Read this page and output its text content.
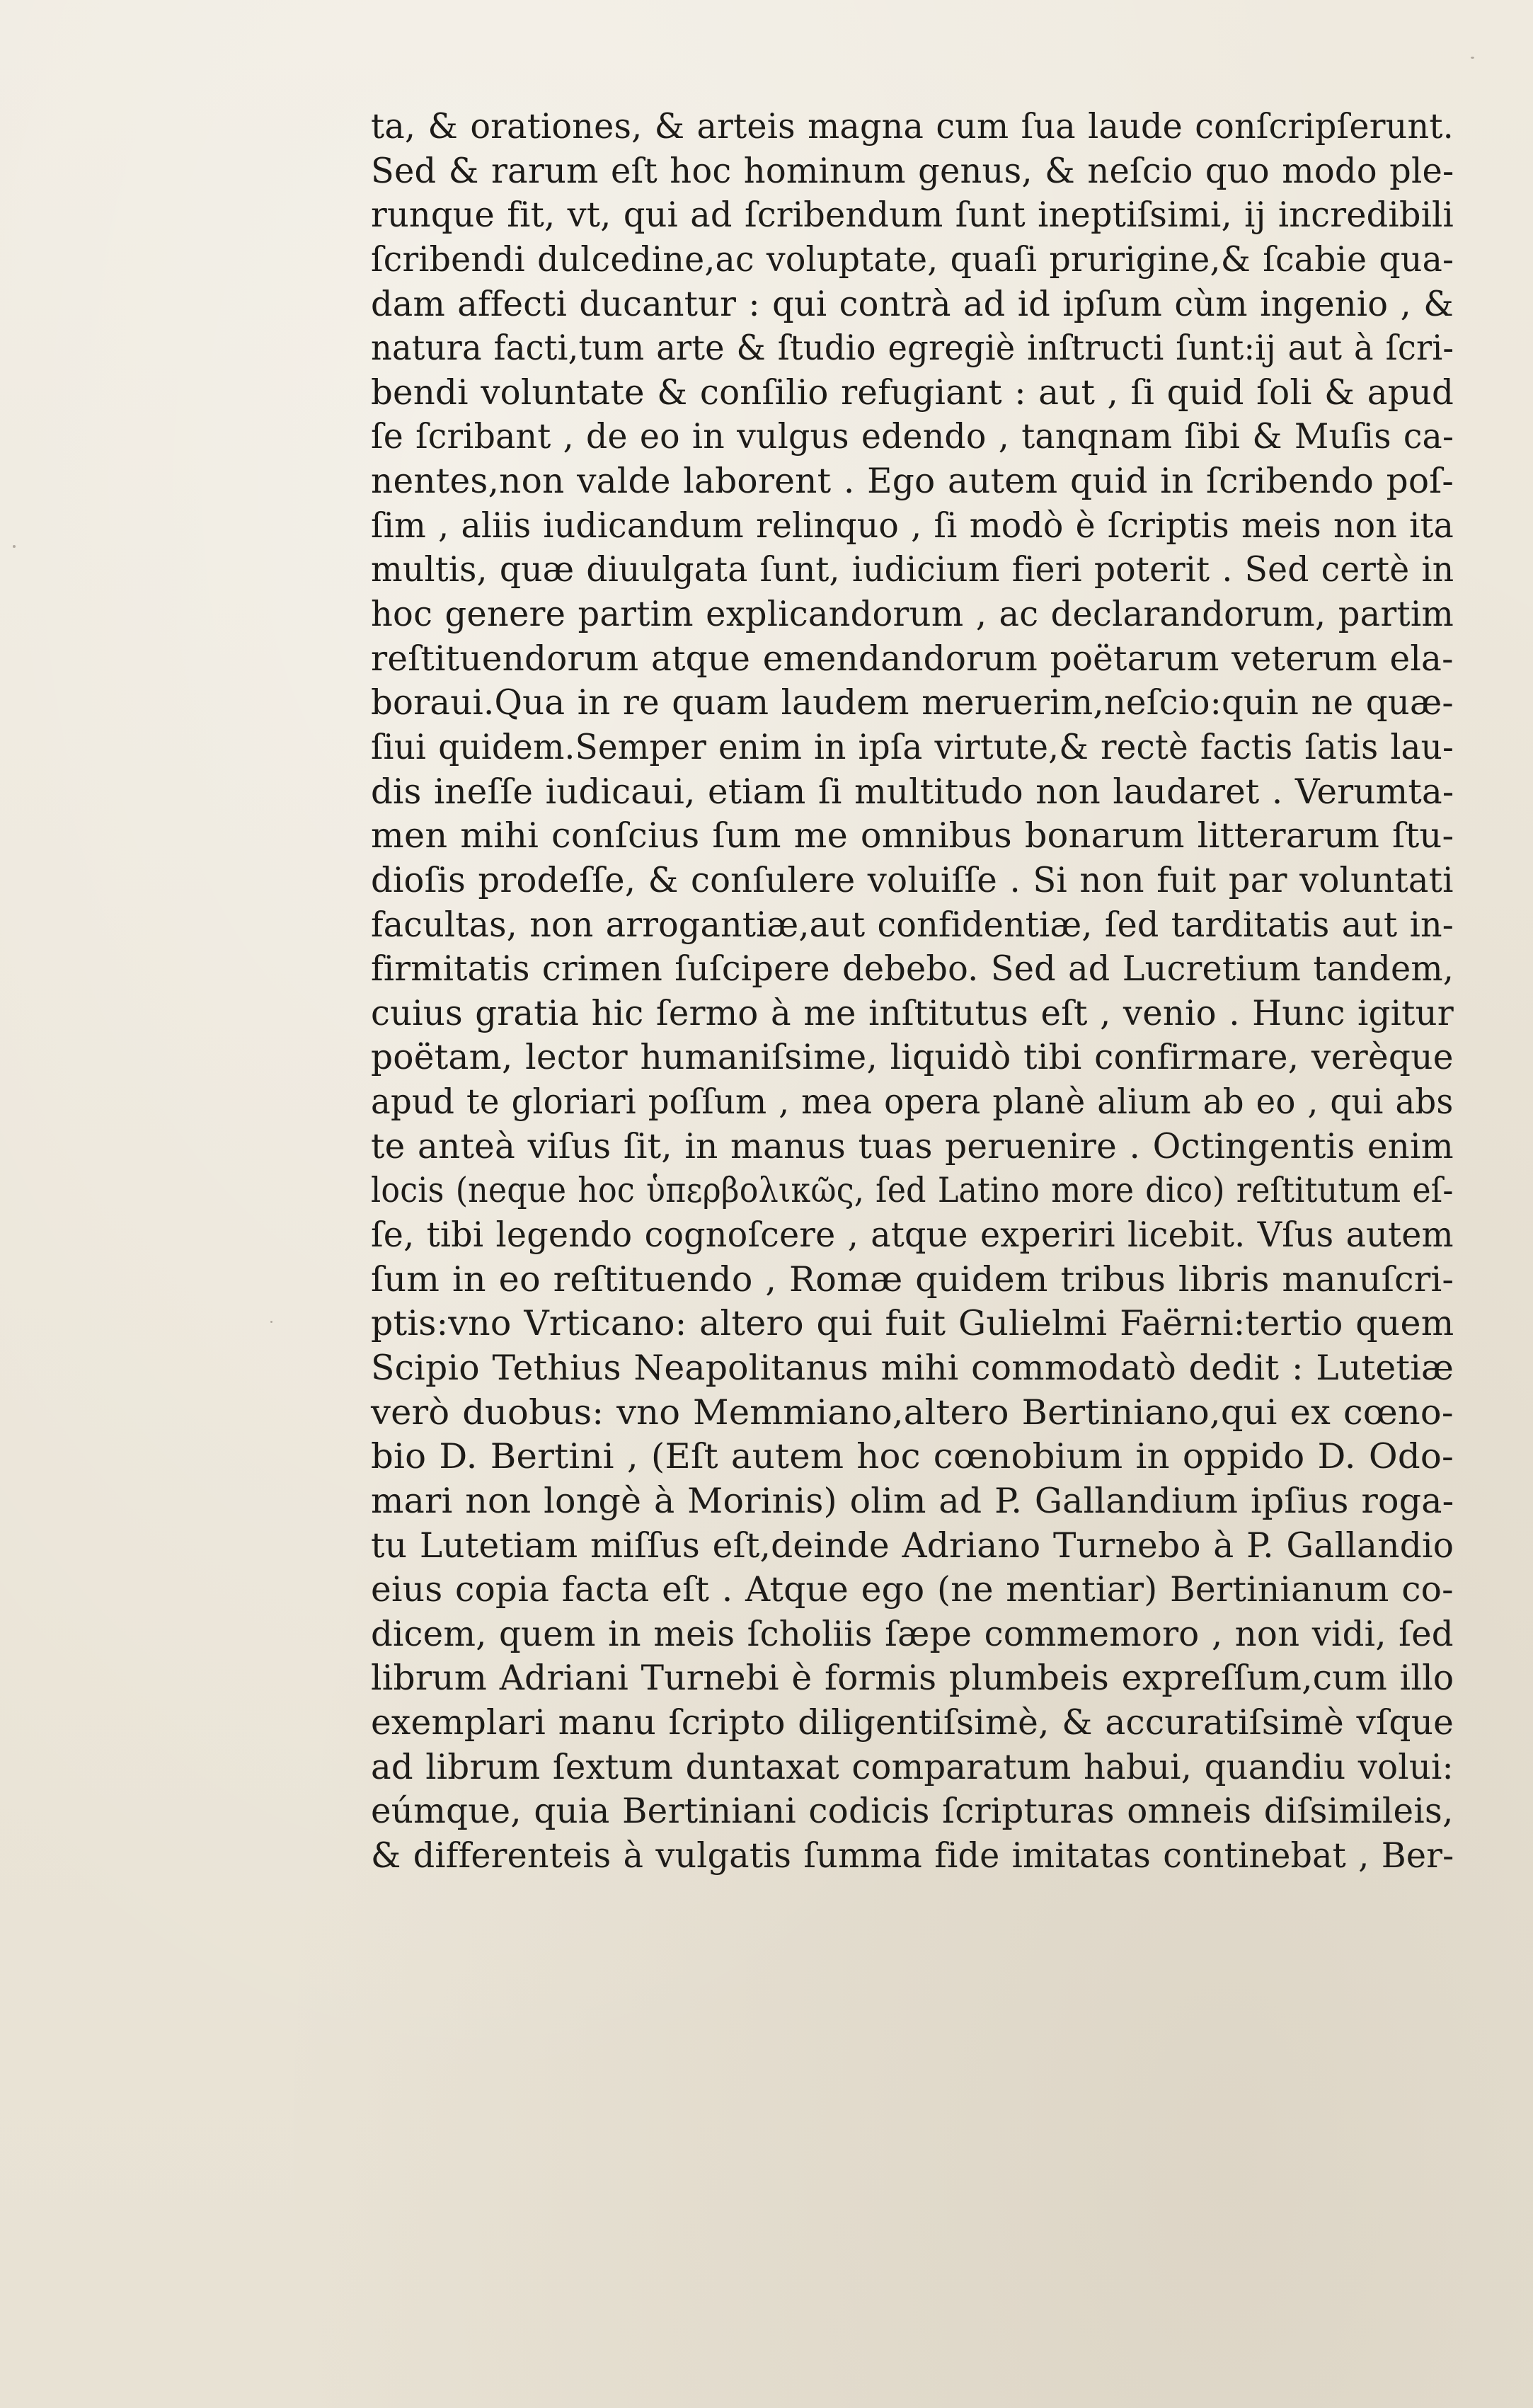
ta, & orationes, & arteis magna cum ſua laude conſcripſerunt.
Sed & rarum eſt hoc hominum genus, & neſcio quo modo ple-
runque fit, vt, qui ad ſcribendum ſunt ineptiſsimi, ij incredibili
ſcribendi dulcedine,ac voluptate, quaſi prurigine,& ſcabie qua-
dam affecti ducantur : qui contrà ad id ipſum cùm ingenio , &
natura facti,tum arte & ſtudio egregiè inſtructi ſunt:ij aut à ſcri-
bendi voluntate & conſilio refugiant : aut , ſi quid ſoli & apud
ſe ſcribant , de eo in vulgus edendo , tanqnam ſibi & Muſis ca-
nentes,non valde laborent . Ego autem quid in ſcribendo poſ-
ſim , aliis iudicandum relinquo , ſi modò è ſcriptis meis non ita
multis, quæ diuulgata ſunt, iudicium fieri poterit . Sed certè in
hoc genere partim explicandorum , ac declarandorum, partim
reſtituendorum atque emendandorum poëtarum veterum ela-
boraui.Qua in re quam laudem meruerim,neſcio:quin ne quæ-
ſiui quidem.Semper enim in ipſa virtute,& rectè factis ſatis lau-
dis ineſſe iudicaui, etiam ſi multitudo non laudaret . Verumta-
men mihi conſcius ſum me omnibus bonarum litterarum ſtu-
dioſis prodeſſe, & conſulere voluiſſe . Si non fuit par voluntati
facultas, non arrogantiæ,aut confidentiæ, ſed tarditatis aut in-
firmitatis crimen ſuſcipere debebo. Sed ad Lucretium tandem,
cuius gratia hic ſermo à me inſtitutus eſt , venio . Hunc igitur
poëtam, lector humaniſsime, liquidò tibi confirmare, verèque
apud te gloriari poſſum , mea opera planè alium ab eo , qui abs
te anteà viſus ſit, in manus tuas peruenire . Octingentis enim
locis (neque hoc ὑπερβολικῶς, ſed Latino more dico) reſtitutum eſ-
ſe, tibi legendo cognoſcere , atque experiri licebit. Vſus autem
ſum in eo reſtituendo , Romæ quidem tribus libris manuſcri-
ptis:vno Vrticano: altero qui fuit Gulielmi Faërni:tertio quem
Scipio Tethius Neapolitanus mihi commodatò dedit : Lutetiæ
verò duobus: vno Memmiano,altero Bertiniano,qui ex cœno-
bio D. Bertini , (Eſt autem hoc cœnobium in oppido D. Odo-
mari non longè à Morinis) olim ad P. Gallandium ipſius roga-
tu Lutetiam miſſus eſt,deinde Adriano Turnebo à P. Gallandio
eius copia facta eſt . Atque ego (ne mentiar) Bertinianum co-
dicem, quem in meis ſcholiis ſæpe commemoro , non vidi, ſed
librum Adriani Turnebi è formis plumbeis expreſſum,cum illo
exemplari manu ſcripto diligentiſsimè, & accuratiſsimè vſque
ad librum ſextum duntaxat comparatum habui, quandiu volui:
eúmque, quia Bertiniani codicis ſcripturas omneis diſsimileis,
& differenteis à vulgatis ſumma fide imitatas continebat , Ber-
